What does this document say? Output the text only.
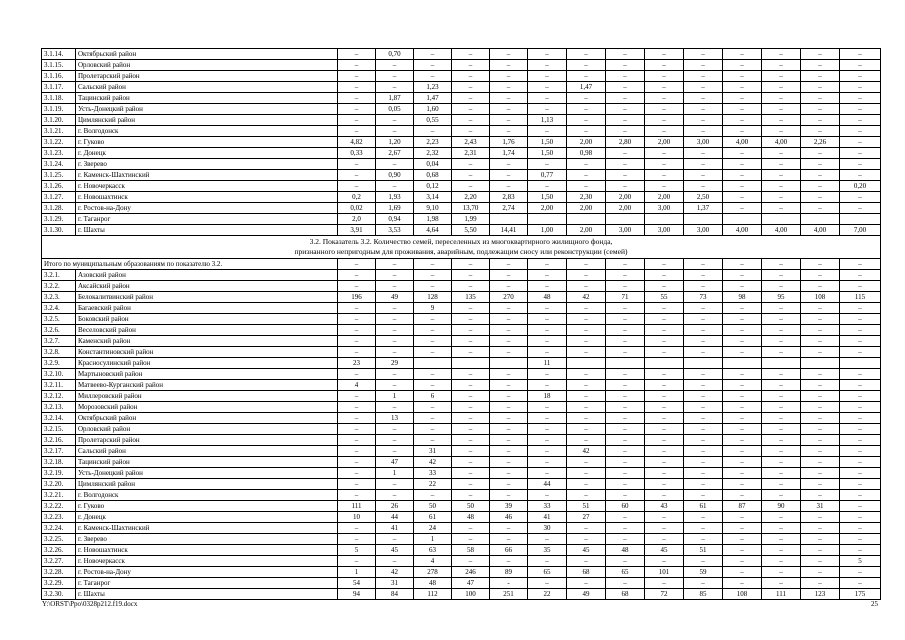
3.1.14.	Октябрьский район	–	0,70	–	–	–	–	–	–	–	–	–	–	–	–
3.1.15.	Орловский район	–	–	–	–	–	–	–	–	–	–	–	–	–	–
3.1.16.	Пролетарский район	–	–	–	–	–	–	–	–	–	–	–	–	–	–
3.1.17.	Сальский район	–	–	1,23	–	–	–	1,47	–	–	–	–	–	–	–
3.1.18.	Тацинский район	–	1,87	1,47	–	–	–	–	–	–	–	–	–	–	–
3.1.19.	Усть-Донецкий район	–	0,05	1,60	–	–	–	–	–	–	–	–	–	–	–
3.1.20.	Цимлянский район	–	–	0,55	–	–	1,13	–	–	–	–	–	–	–	–
3.1.21.	г. Волгодонск	–	–	–	–	–	–	–	–	–	–	–	–	–	–
3.1.22.	г. Гуково	4,82	1,20	2,23	2,43	1,76	1,50	2,00	2,80	2,00	3,00	4,00	4,00	2,26	–
3.1.23.	г. Донецк	0,33	2,67	2,32	2,31	1,74	1,50	0,98	–	–	–	–	–	–	–
3.1.24.	г. Зверево	–	–	0,04	–	–	–	–	–	–	–	–	–	–	–
3.1.25.	г. Каменск-Шахтинский	–	0,90	0,68	–	–	0,77	–	–	–	–	–	–	–	–
3.1.26.	г. Новочеркасск	–	–	0,12	–	–	–	–	–	–	–	–	–	–	0,20
3.1.27.	г. Новошахтинск	0,2	1,93	3,14	2,20	2,83	1,50	2,30	2,00	2,00	2,50	–	–	–	–
3.1.28.	г. Ростов-на-Дону	0,02	1,69	9,10	13,70	2,74	2,00	2,00	2,00	3,00	1,37	–	–	–	–
3.1.29.	г. Таганрог	2,0	0,94	1,98	1,99										
3.1.30.	г. Шахты	3,91	3,53	4,64	5,50	14,41	1,00	2,00	3,00	3,00	3,00	4,00	4,00	4,00	7,00

3.2. Показатель 3.2. Количество семей, переселенных из многоквартирного жилищного фонда,
признанного непригодным для проживания, аварийным, подлежащим сносу или реконструкции (семей)															

Итого по муниципальным образованиям по показателю 3.2.		–	–	–	–	–	–	–	–	–	–	–	–	–	–
3.2.1.	Азовский район	–	–	–	–	–	–	–	–	–	–	–	–	–	–
3.2.2.	Аксайский район	–	–	–	–	–	–	–	–	–	–	–	–	–	–
3.2.3.	Белокалитвинский район	196	49	128	135	270	48	42	71	55	73	98	95	108	115
3.2.4.	Багаевский район	–	–	9	–	–	–	–	–	–	–	–	–	–	–
3.2.5.	Боковский район	–	–	–	–	–	–	–	–	–	–	–	–	–	–
3.2.6.	Веселовский район	–	–	–	–	–	–	–	–	–	–	–	–	–	–
3.2.7.	Каменский район	–	–	–	–	–	–	–	–	–	–	–	–	–	–
3.2.8.	Константиновский район	–	–	–	–	–	–	–	–	–	–	–	–	–	–
3.2.9.	Красносулинский район	23	29				11								
3.2.10.	Мартыновский район	–	–	–	–	–	–	–	–	–	–	–	–	–	–
3.2.11.	Матвеево-Курганский район	4	–	–	–	–	–	–	–	–	–	–	–	–	–
3.2.12.	Миллеровский район	–	1	6	–	–	18	–	–	–	–	–	–	–	–
3.2.13.	Морозовский район	–	–	–	–	–	–	–	–	–	–	–	–	–	–
3.2.14.	Октябрьский район	–	13	–	–	–	–	–	–	–	–	–	–	–	–
3.2.15.	Орловский район	–	–	–	–	–	–	–	–	–	–	–	–	–	–
3.2.16.	Пролетарский район	–	–	–	–	–	–	–	–	–	–	–	–	–	–
3.2.17.	Сальский район	–	–	31	–	–	–	42	–	–	–	–	–	–	–
3.2.18.	Тацинский район	–	47	42	–	–	–	–	–	–	–	–	–	–	–
3.2.19.	Усть-Донецкий район	–	1	33	–	–	–	–	–	–	–	–	–	–	–
3.2.20.	Цимлянский район	–	–	22	–	–	44	–	–	–	–	–	–	–	–
3.2.21.	г. Волгодонск	–	–	–	–	–	–	–	–	–	–	–	–	–	–
3.2.22.	г. Гуково	111	26	50	50	39	33	51	60	43	61	87	90	31	–
3.2.23.	г. Донецк	10	44	61	48	46	41	27	–	–	–	–	–	–	–
3.2.24.	г. Каменск-Шахтинский	–	41	24	–	–	30	–	–	–	–	–	–	–	–
3.2.25.	г. Зверево	–	–	1	–	–	–	–	–	–	–	–	–	–	–
3.2.26.	г. Новошахтинск	5	45	63	58	66	35	45	48	45	51	–	–	–	–
3.2.27.	г. Новочеркасск	–	–	4	–	–	–	–	–	–	–	–	–	–	5
3.2.28.	г. Ростов-на-Дону	1	42	278	246	89	65	68	65	101	59	–	–	–	–
3.2.29.	г. Таганрог	54	31	48	47	-	–	–	–	–	–	–	–	–	–
3.2.30.	г. Шахты	94	84	112	100	251	22	49	68	72	85	108	111	123	175
Y:\ORST\Ppo\0328p212.f19.docx	25
